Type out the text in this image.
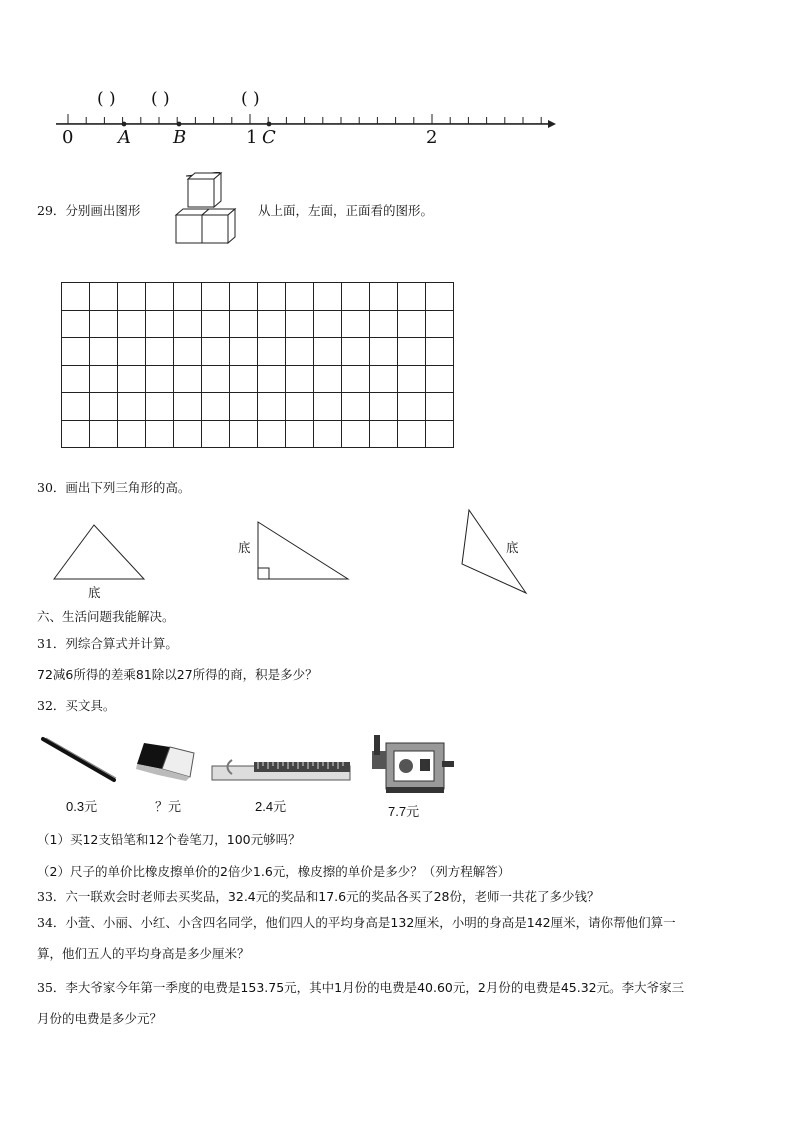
0	1	2
A B	C
( ) ( )	( )
29．分别画出图形	从上面，左面，正面看的图形。

30．画出下列三角形的高。
底
底	底
六、生活问题我能解决。
31．列综合算式并计算。
72减6所得的差乘81除以27所得的商，积是多少？
32．买文具。
0.3元	？元	2.4元	7.7元
（1）买12支铅笔和12个卷笔刀，100元够吗？
（2）尺子的单价比橡皮擦单价的2倍少1.6元，橡皮擦的单价是多少？（列方程解答）
33．六一联欢会时老师去买奖品，32.4元的奖品和17.6元的奖品各买了28份，老师一共花了多少钱？
34．小萱、小丽、小红、小含四名同学，他们四人的平均身高是132厘米，小明的身高是142厘米，请你帮他们算一
算，他们五人的平均身高是多少厘米？
35．李大爷家今年第一季度的电费是153.75元，其中1月份的电费是40.60元，2月份的电费是45.32元。李大爷家三
月份的电费是多少元？
